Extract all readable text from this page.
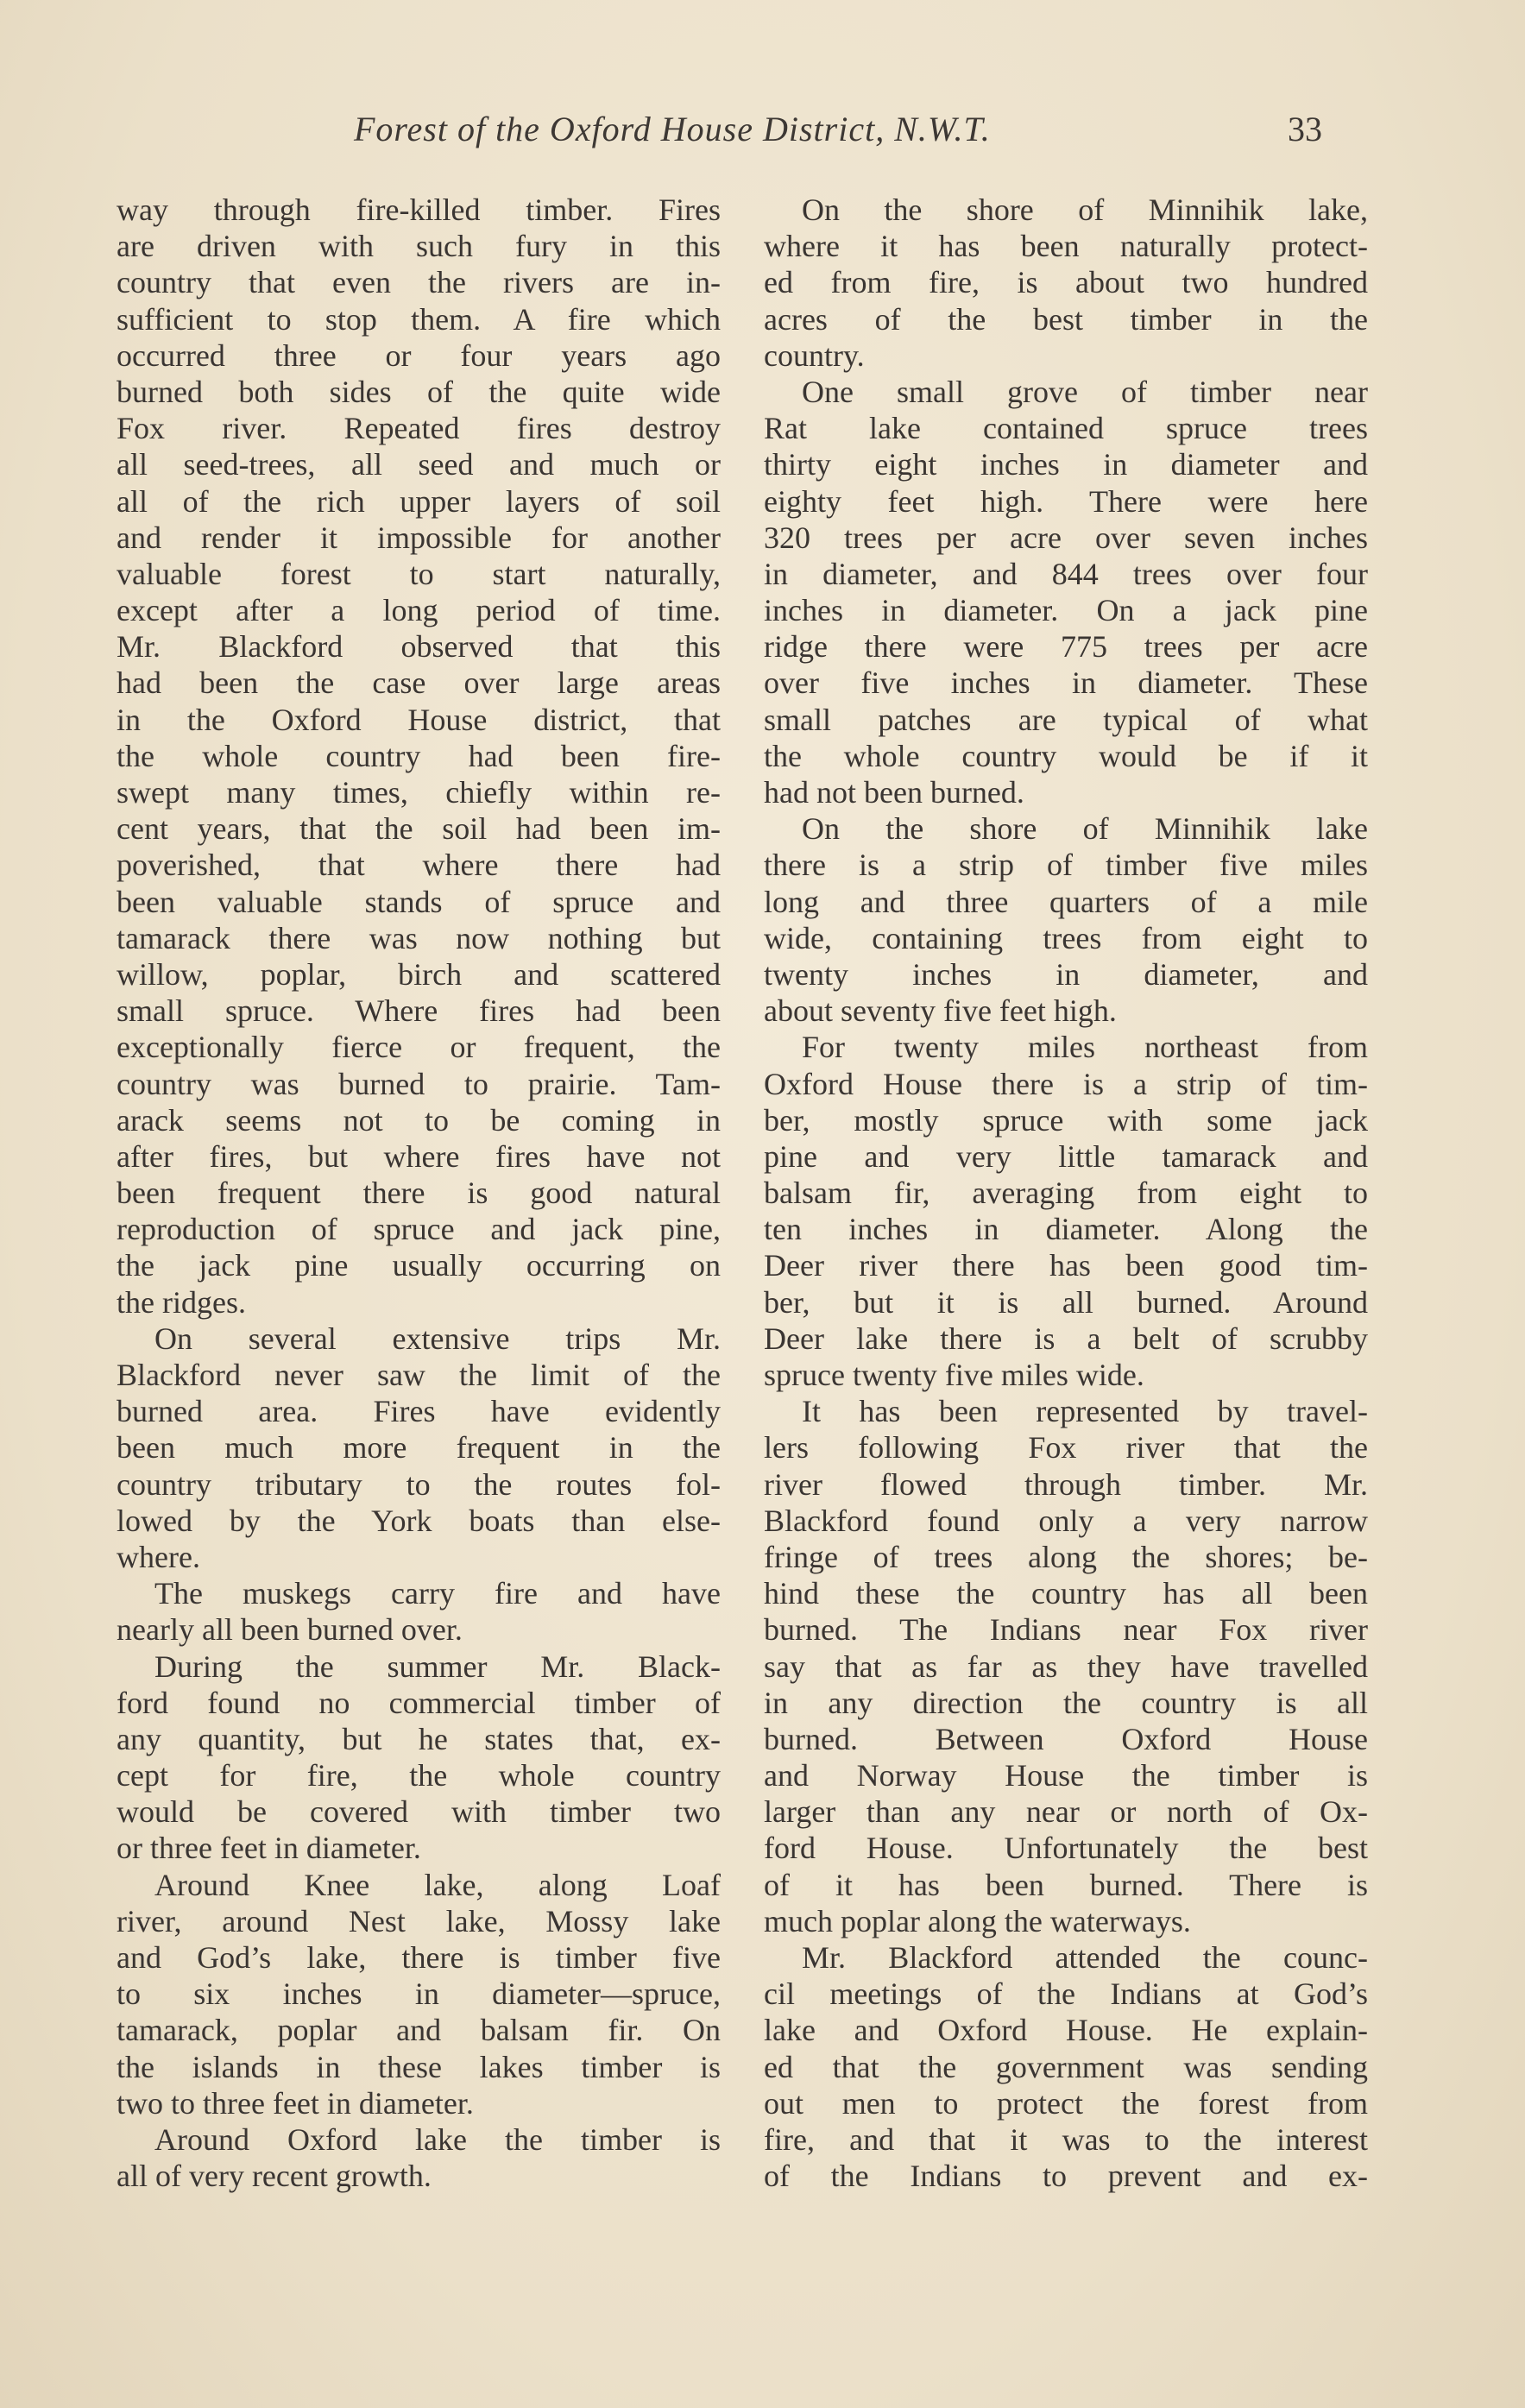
Forest of the Oxford House District, N.W.T.	33
way through fire-killed timber. Fires
are driven with such fury in this
country that even the rivers are in-
sufficient to stop them. A fire which
occurred three or four years ago
burned both sides of the quite wide
Fox river. Repeated fires destroy
all seed-trees, all seed and much or
all of the rich upper layers of soil
and render it impossible for another
valuable forest to start naturally,
except after a long period of time.
Mr. Blackford observed that this
had been the case over large areas
in the Oxford House district, that
the whole country had been fire-
swept many times, chiefly within re-
cent years, that the soil had been im-
poverished, that where there had
been valuable stands of spruce and
tamarack there was now nothing but
willow, poplar, birch and scattered
small spruce. Where fires had been
exceptionally fierce or frequent, the
country was burned to prairie. Tam-
arack seems not to be coming in
after fires, but where fires have not
been frequent there is good natural
reproduction of spruce and jack pine,
the jack pine usually occurring on
the ridges.
On several extensive trips Mr.
Blackford never saw the limit of the
burned area. Fires have evidently
been much more frequent in the
country tributary to the routes fol-
lowed by the York boats than else-
where.
The muskegs carry fire and have
nearly all been burned over.
During the summer Mr. Black-
ford found no commercial timber of
any quantity, but he states that, ex-
cept for fire, the whole country
would be covered with timber two
or three feet in diameter.
Around Knee lake, along Loaf
river, around Nest lake, Mossy lake
and God’s lake, there is timber five
to six inches in diameter—spruce,
tamarack, poplar and balsam fir. On
the islands in these lakes timber is
two to three feet in diameter.
Around Oxford lake the timber is
all of very recent growth.
On the shore of Minnihik lake,
where it has been naturally protect-
ed from fire, is about two hundred
acres of the best timber in the
country.
One small grove of timber near
Rat lake contained spruce trees
thirty eight inches in diameter and
eighty feet high. There were here
320 trees per acre over seven inches
in diameter, and 844 trees over four
inches in diameter. On a jack pine
ridge there were 775 trees per acre
over five inches in diameter. These
small patches are typical of what
the whole country would be if it
had not been burned.
On the shore of Minnihik lake
there is a strip of timber five miles
long and three quarters of a mile
wide, containing trees from eight to
twenty inches in diameter, and
about seventy five feet high.
For twenty miles northeast from
Oxford House there is a strip of tim-
ber, mostly spruce with some jack
pine and very little tamarack and
balsam fir, averaging from eight to
ten inches in diameter. Along the
Deer river there has been good tim-
ber, but it is all burned. Around
Deer lake there is a belt of scrubby
spruce twenty five miles wide.
It has been represented by travel-
lers following Fox river that the
river flowed through timber. Mr.
Blackford found only a very narrow
fringe of trees along the shores; be-
hind these the country has all been
burned. The Indians near Fox river
say that as far as they have travelled
in any direction the country is all
burned. Between Oxford House
and Norway House the timber is
larger than any near or north of Ox-
ford House. Unfortunately the best
of it has been burned. There is
much poplar along the waterways.
Mr. Blackford attended the counc-
cil meetings of the Indians at God’s
lake and Oxford House. He explain-
ed that the government was sending
out men to protect the forest from
fire, and that it was to the interest
of the Indians to prevent and ex-
